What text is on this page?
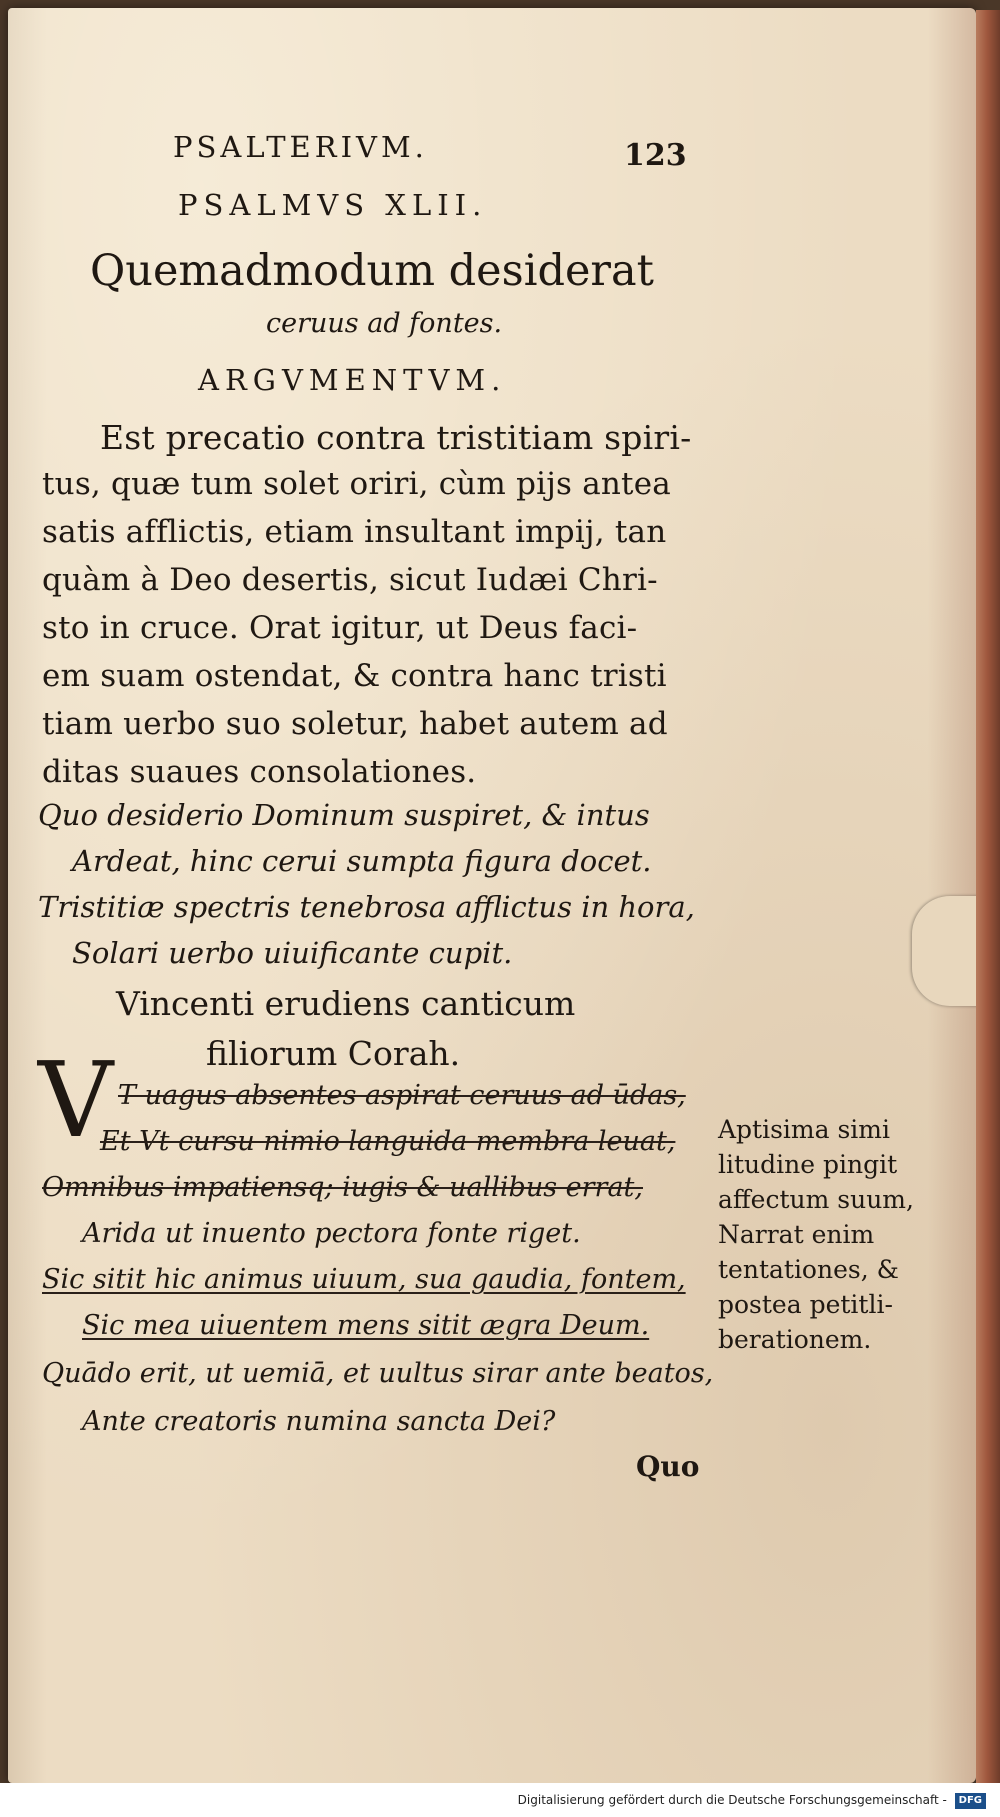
PSALTERIVM.	123
PSALMVS XLII.
Quemadmodum desiderat
ceruus ad fontes.
ARGVMENTVM.
Est precatio contra tristitiam spiri-
tus, quæ tum solet oriri, cùm pijs antea
satis afflictis, etiam insultant impij, tan
quàm à Deo desertis, sicut Iudæi Chri-
sto in cruce. Orat igitur, ut Deus faci-
em suam ostendat, & contra hanc tristi
tiam uerbo suo soletur, habet autem ad
ditas suaues consolationes.
Quo desiderio Dominum suspiret, & intus
Ardeat, hinc cerui sumpta figura docet.
Tristitiæ spectris tenebrosa afflictus in hora,
Solari uerbo uiuificante cupit.
Vincenti erudiens canticum
filiorum Corah.
V T uagus absentes aspirat ceruus ad ūdas,
Et Vt cursu nimio languida membra leuat,
Omnibus impatiensq; iugis & uallibus errat,
Arida ut inuento pectora fonte riget.
Sic sitit hic animus uiuum, sua gaudia, fontem,
Sic mea uiuentem mens sitit ægra Deum.
Quādo erit, ut uemiā, et uultus sirar ante beatos,
Ante creatoris numina sancta Dei?
Aptisima simi
litudine pingit
affectum suum,
Narrat enim
tentationes, &
postea petitli-
berationem.
Quo
Digitalisierung gefördert durch die Deutsche Forschungsgemeinschaft - DFG
